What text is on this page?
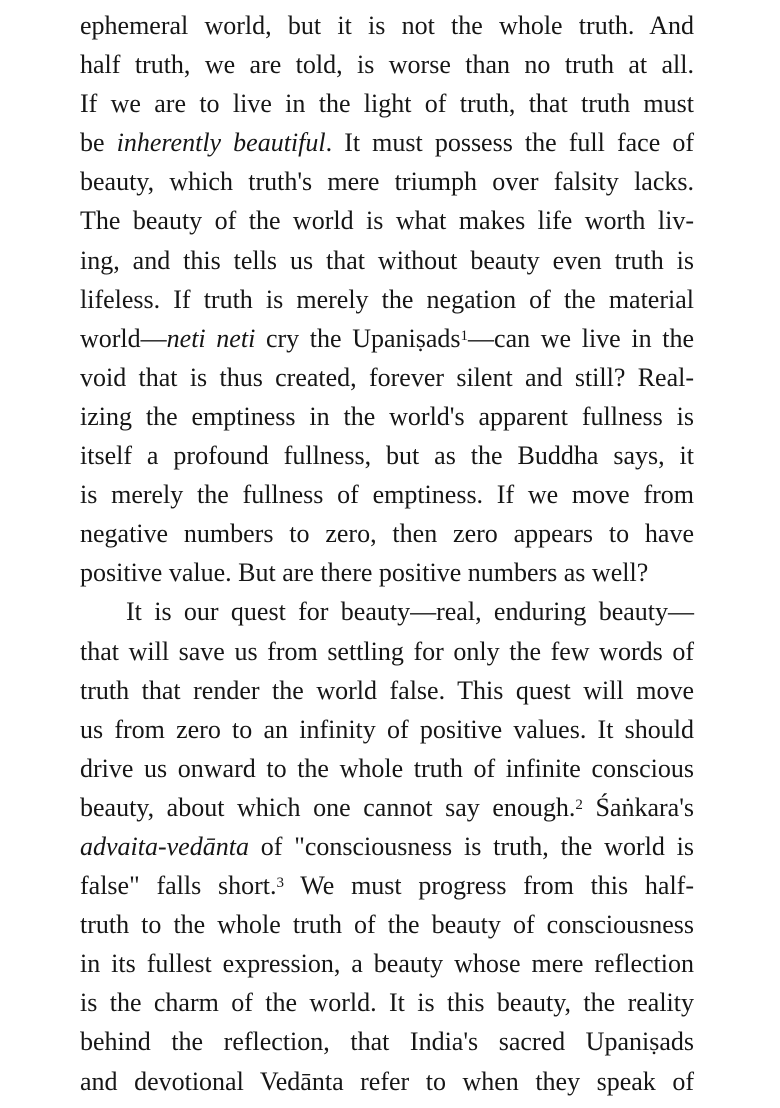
ephemeral world, but it is not the whole truth. And
half truth, we are told, is worse than no truth at all.
If we are to live in the light of truth, that truth must
be inherently beautiful. It must possess the full face of
beauty, which truth's mere triumph over falsity lacks.
The beauty of the world is what makes life worth liv-
ing, and this tells us that without beauty even truth is
lifeless. If truth is merely the negation of the material
world—neti neti cry the Upaniṣads$^1$—can we live in the
void that is thus created, forever silent and still? Real-
izing the emptiness in the world's apparent fullness is
itself a profound fullness, but as the Buddha says, it
is merely the fullness of emptiness. If we move from
negative numbers to zero, then zero appears to have
positive value. But are there positive numbers as well?
It is our quest for beauty—real, enduring beauty—
that will save us from settling for only the few words of
truth that render the world false. This quest will move
us from zero to an infinity of positive values. It should
drive us onward to the whole truth of infinite conscious
beauty, about which one cannot say enough.$^2$ Śaṅkara's
advaita-vedānta of "consciousness is truth, the world is
false" falls short.$^3$ We must progress from this half-
truth to the whole truth of the beauty of consciousness
in its fullest expression, a beauty whose mere reflection
is the charm of the world. It is this beauty, the reality
behind the reflection, that India's sacred Upaniṣads
and devotional Vedānta refer to when they speak of
